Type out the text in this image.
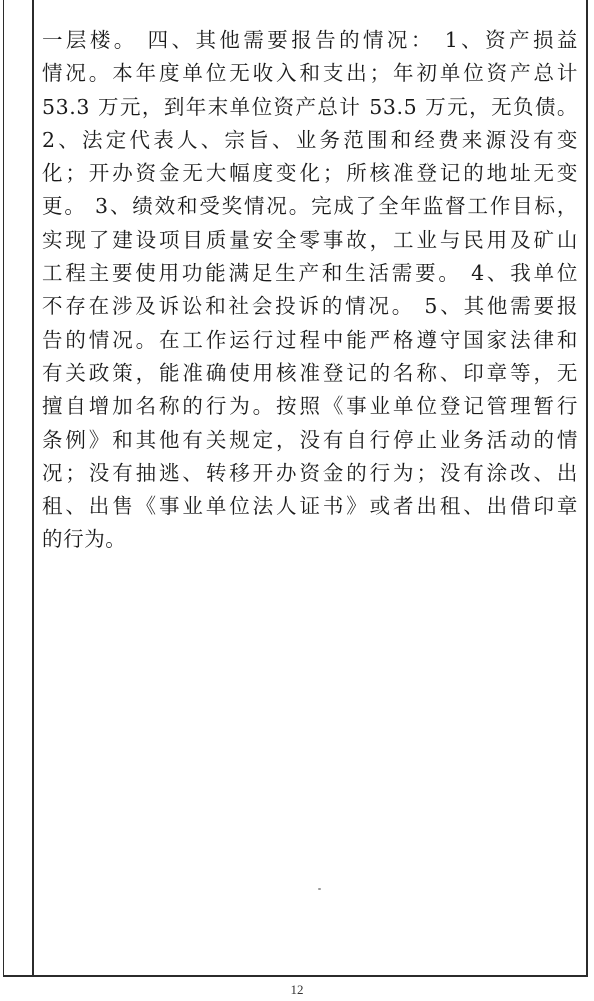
一层楼。 四、其他需要报告的情况： 1、资产损益
情况。本年度单位无收入和支出；年初单位资产总计
53.3 万元，到年末单位资产总计 53.5 万元，无负债。
2、法定代表人、宗旨、业务范围和经费来源没有变
化；开办资金无大幅度变化；所核准登记的地址无变
更。 3、绩效和受奖情况。完成了全年监督工作目标，
实现了建设项目质量安全零事故，工业与民用及矿山
工程主要使用功能满足生产和生活需要。 4、我单位
不存在涉及诉讼和社会投诉的情况。 5、其他需要报
告的情况。在工作运行过程中能严格遵守国家法律和
有关政策，能准确使用核准登记的名称、印章等，无
擅自增加名称的行为。按照《事业单位登记管理暂行
条例》和其他有关规定，没有自行停止业务活动的情
况；没有抽逃、转移开办资金的行为；没有涂改、出
租、出售《事业单位法人证书》或者出租、出借印章
的行为。
12
